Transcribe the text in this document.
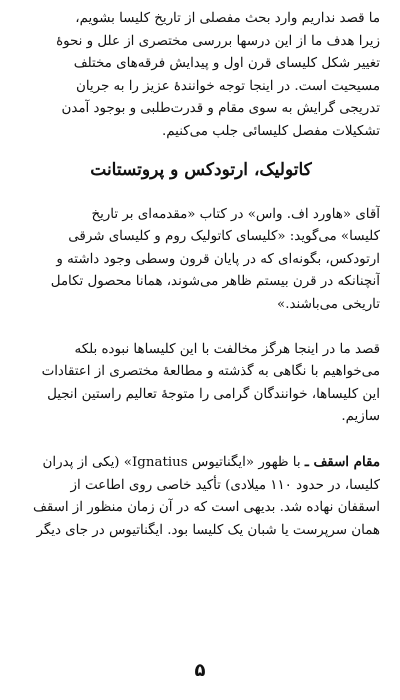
ما قصد نداریم وارد بحث مفصلی از تاریخ کلیسا بشویم،
زیرا هدف ما از این درسها بررسی مختصری از علل و نحوهٔ
تغییر شکل کلیسای قرن اول و پیدایش فرقه‌های مختلف
مسیحیت است. در اینجا توجه خوانندهٔ عزیز را به جریان
تدریجی گرایش به سوی مقام و قدرت‌طلبی و بوجود آمدن
تشکیلات مفصل کلیسائی جلب می‌کنیم.

کاتولیک، ارتودکس و پروتستانت

آقای «هاورد اف. واس» در کتاب «مقدمه‌ای بر تاریخ
کلیسا» می‌گوید: «کلیسای کاتولیک روم و کلیسای شرقی
ارتودکس، بگونه‌ای که در پایان قرون وسطی وجود داشته و
آنچنانکه در قرن بیستم ظاهر می‌شوند، همانا محصول تکامل
تاریخی می‌باشند.»

قصد ما در اینجا هرگز مخالفت با این کلیساها نبوده بلکه
می‌خواهیم با نگاهی به گذشته و مطالعهٔ مختصری از اعتقادات
این کلیساها، خوانندگان گرامی را متوجهٔ تعالیم راستین انجیل
سازیم.

مقام اسقف ـ با ظهور «ایگناتیوس Ignatius» (یکی از پدران
کلیسا، در حدود ۱۱۰ میلادی) تأکید خاصی روی اطاعت از
اسقفان نهاده شد. بدیهی است که در آن زمان منظور از اسقف
همان سرپرست یا شبان یک کلیسا بود. ایگناتیوس در جای دیگر

۵
